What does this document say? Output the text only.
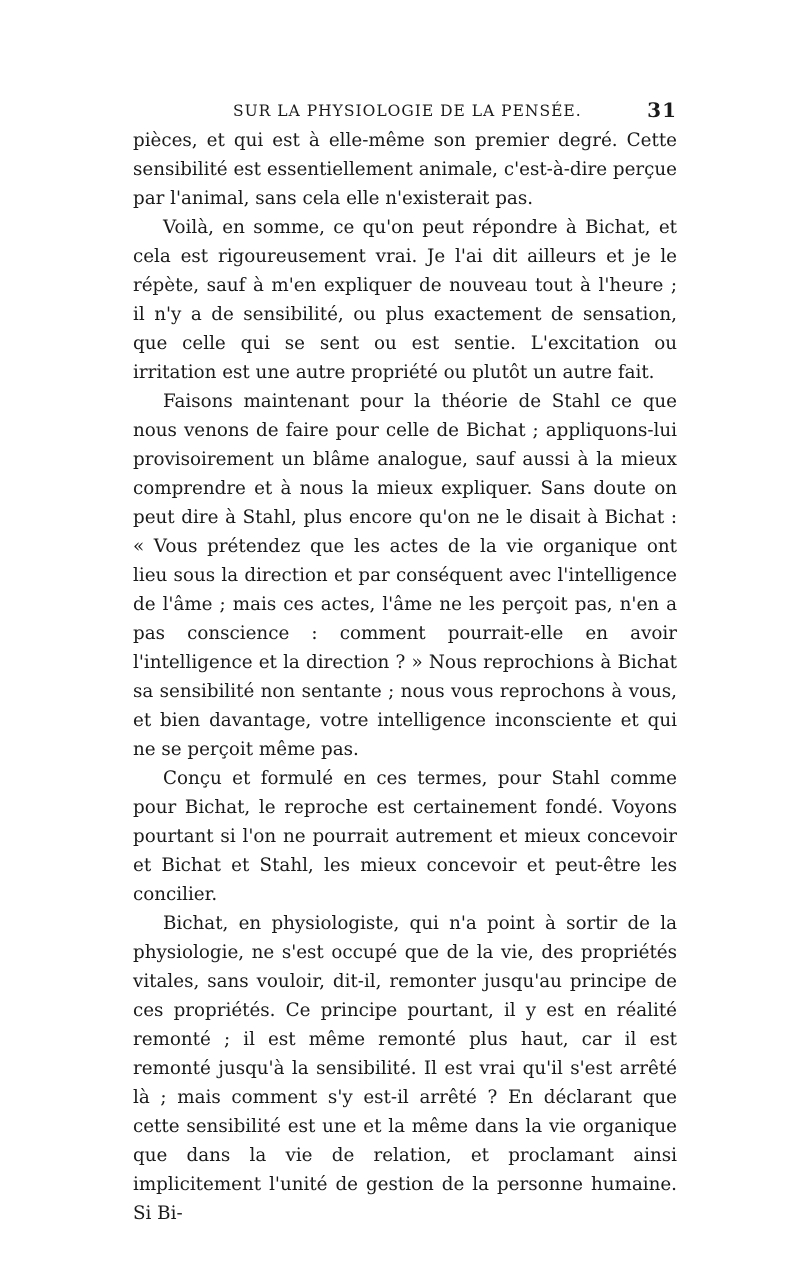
SUR LA PHYSIOLOGIE DE LA PENSÉE.	31

pièces, et qui est à elle-même son premier degré. Cette sensibilité est essentiellement animale, c'est-à-dire perçue par l'animal, sans cela elle n'existerait pas.

Voilà, en somme, ce qu'on peut répondre à Bichat, et cela est rigoureusement vrai. Je l'ai dit ailleurs et je le répète, sauf à m'en expliquer de nouveau tout à l'heure ; il n'y a de sensibilité, ou plus exactement de sensation, que celle qui se sent ou est sentie. L'excitation ou irritation est une autre propriété ou plutôt un autre fait.

Faisons maintenant pour la théorie de Stahl ce que nous venons de faire pour celle de Bichat ; appliquons-lui provisoirement un blâme analogue, sauf aussi à la mieux comprendre et à nous la mieux expliquer. Sans doute on peut dire à Stahl, plus encore qu'on ne le disait à Bichat : « Vous prétendez que les actes de la vie organique ont lieu sous la direction et par conséquent avec l'intelligence de l'âme ; mais ces actes, l'âme ne les perçoit pas, n'en a pas conscience : comment pourrait-elle en avoir l'intelligence et la direction ? » Nous reprochions à Bichat sa sensibilité non sentante ; nous vous reprochons à vous, et bien davantage, votre intelligence inconsciente et qui ne se perçoit même pas.

Conçu et formulé en ces termes, pour Stahl comme pour Bichat, le reproche est certainement fondé. Voyons pourtant si l'on ne pourrait autrement et mieux concevoir et Bichat et Stahl, les mieux concevoir et peut-être les concilier.

Bichat, en physiologiste, qui n'a point à sortir de la physiologie, ne s'est occupé que de la vie, des propriétés vitales, sans vouloir, dit-il, remonter jusqu'au principe de ces propriétés. Ce principe pourtant, il y est en réalité remonté ; il est même remonté plus haut, car il est remonté jusqu'à la sensibilité. Il est vrai qu'il s'est arrêté là ; mais comment s'y est-il arrêté ? En déclarant que cette sensibilité est une et la même dans la vie organique que dans la vie de relation, et proclamant ainsi implicitement l'unité de gestion de la personne humaine. Si Bi-
